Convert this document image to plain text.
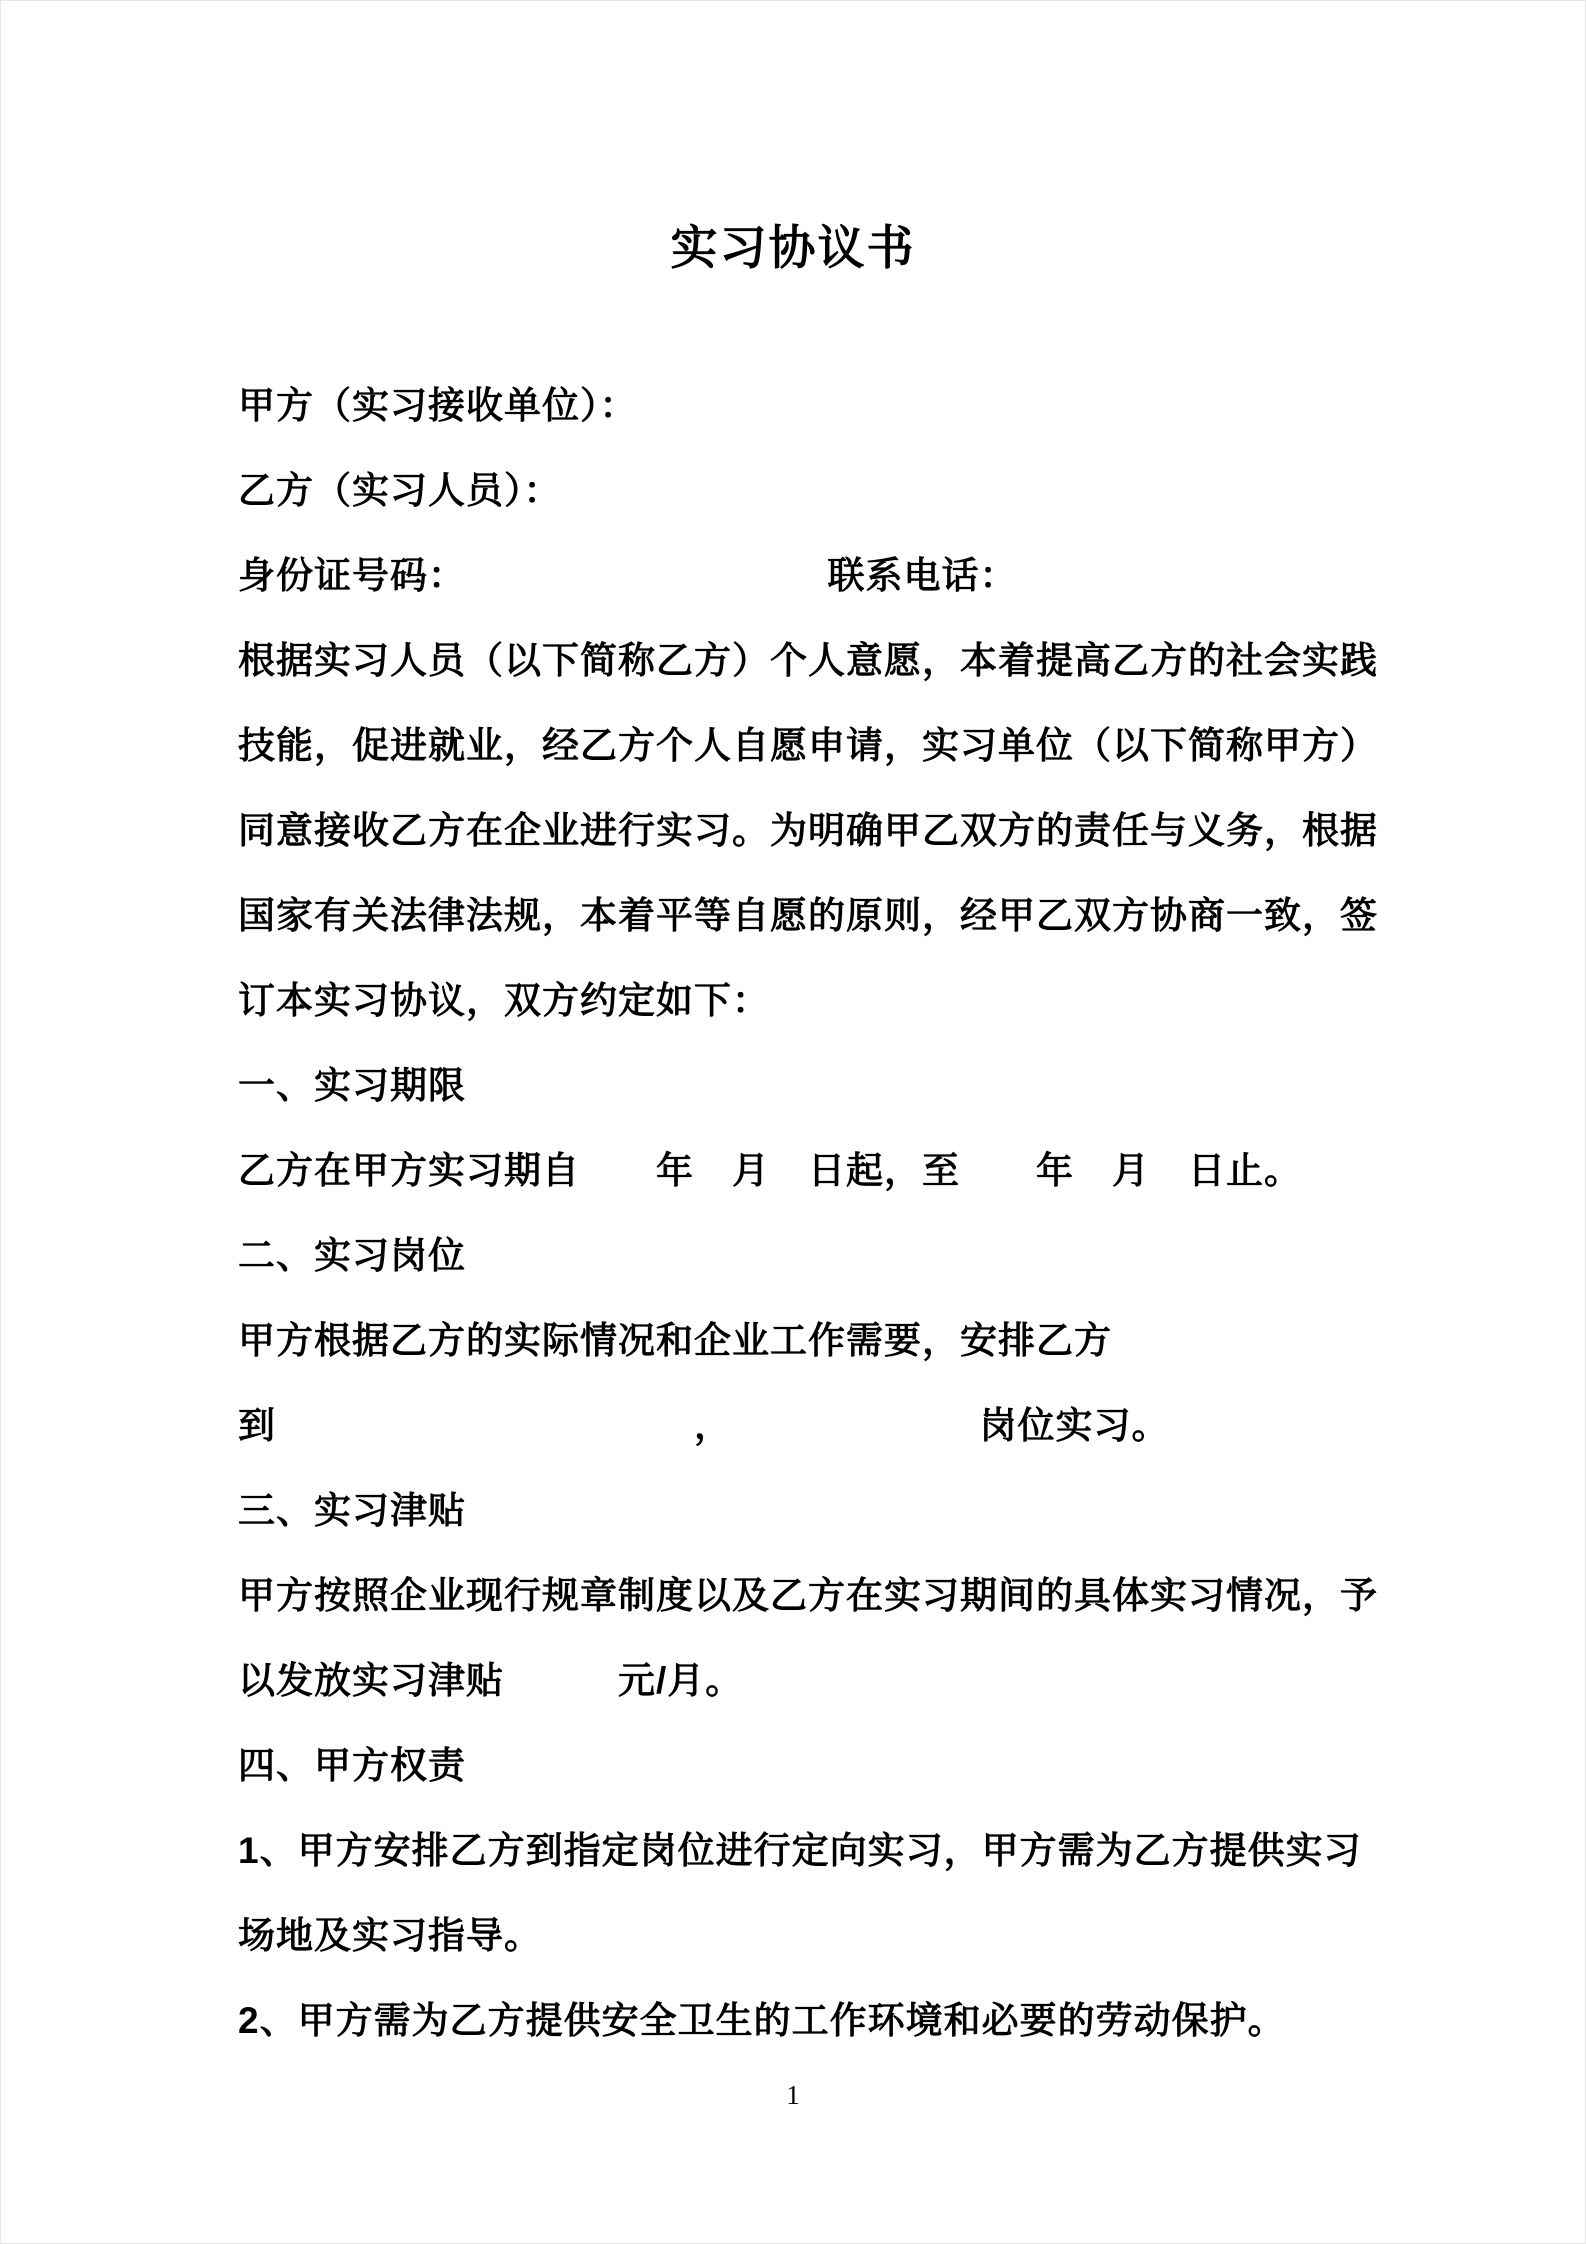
实习协议书

甲方（实习接收单位）：

乙方（实习人员）：

身份证号码：　　　　　　　　　　联系电话：

根据实习人员（以下简称乙方）个人意愿，本着提高乙方的社会实践

技能，促进就业，经乙方个人自愿申请，实习单位（以下简称甲方）

同意接收乙方在企业进行实习。为明确甲乙双方的责任与义务，根据

国家有关法律法规，本着平等自愿的原则，经甲乙双方协商一致，签

订本实习协议，双方约定如下：

一、实习期限

乙方在甲方实习期自　　年　月　日起，至　　年　月　日止。

二、实习岗位

甲方根据乙方的实际情况和企业工作需要，安排乙方

到　　　　　　　　　　　，　　　　　　　岗位实习。

三、实习津贴

甲方按照企业现行规章制度以及乙方在实习期间的具体实习情况，予

以发放实习津贴　　　元/月。

四、甲方权责

1、甲方安排乙方到指定岗位进行定向实习，甲方需为乙方提供实习

场地及实习指导。

2、甲方需为乙方提供安全卫生的工作环境和必要的劳动保护。

1
